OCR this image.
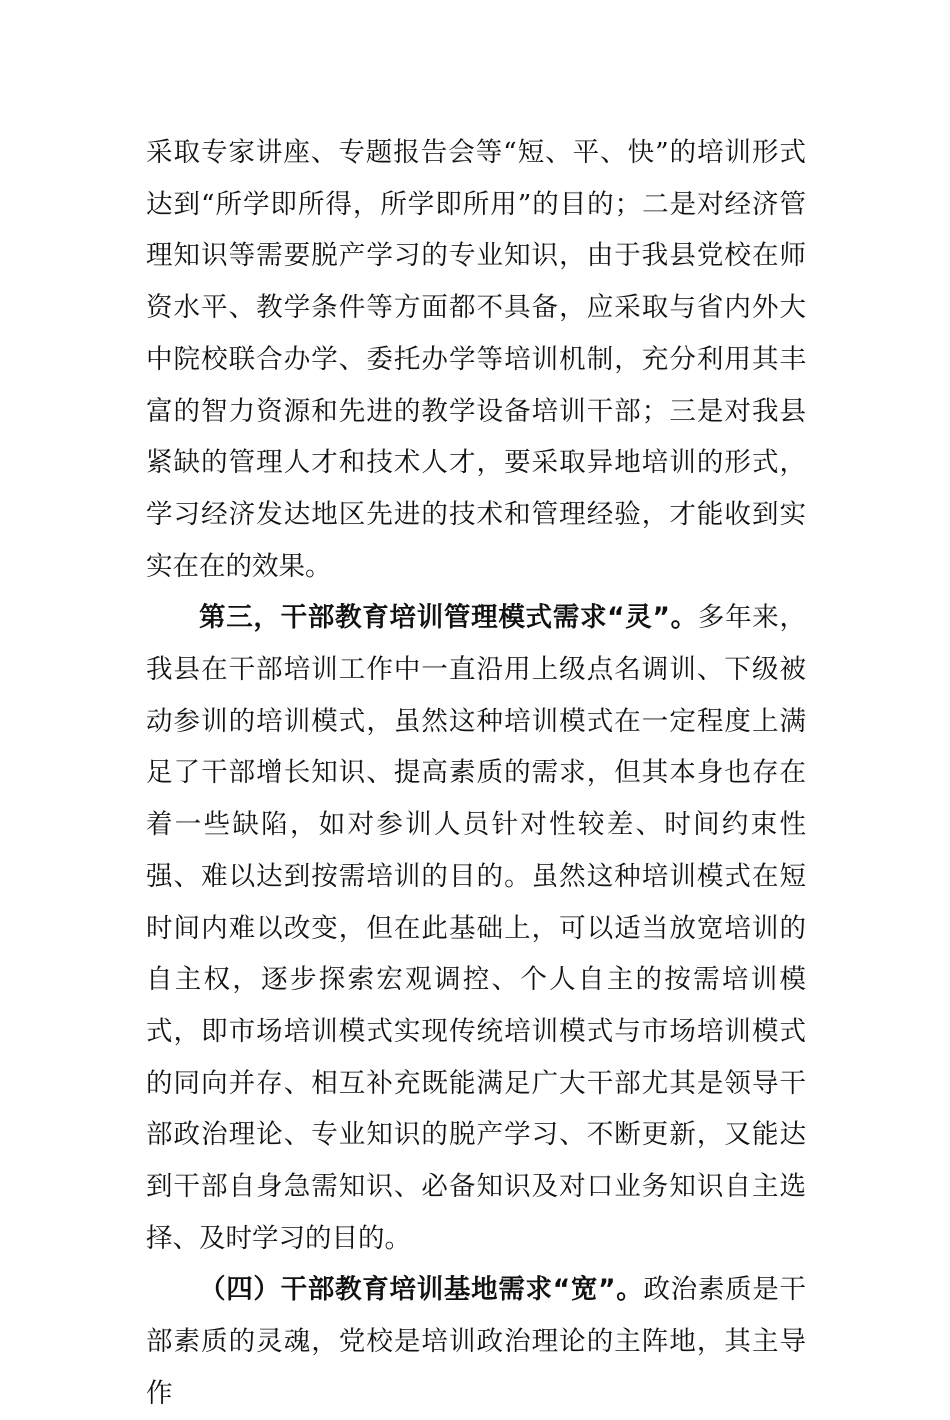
采取专家讲座、专题报告会等“短、平、快”的培训形式达到“所学即所得，所学即所用”的目的；二是对经济管理知识等需要脱产学习的专业知识，由于我县党校在师资水平、教学条件等方面都不具备，应采取与省内外大中院校联合办学、委托办学等培训机制，充分利用其丰富的智力资源和先进的教学设备培训干部；三是对我县紧缺的管理人才和技术人才，要采取异地培训的形式，学习经济发达地区先进的技术和管理经验，才能收到实实在在的效果。

第三，干部教育培训管理模式需求“灵”。多年来，我县在干部培训工作中一直沿用上级点名调训、下级被动参训的培训模式，虽然这种培训模式在一定程度上满足了干部增长知识、提高素质的需求，但其本身也存在着一些缺陷，如对参训人员针对性较差、时间约束性强、难以达到按需培训的目的。虽然这种培训模式在短时间内难以改变，但在此基础上，可以适当放宽培训的自主权，逐步探索宏观调控、个人自主的按需培训模式，即市场培训模式实现传统培训模式与市场培训模式的同向并存、相互补充既能满足广大干部尤其是领导干部政治理论、专业知识的脱产学习、不断更新，又能达到干部自身急需知识、必备知识及对口业务知识自主选择、及时学习的目的。

（四）干部教育培训基地需求“宽”。政治素质是干部素质的灵魂，党校是培训政治理论的主阵地，其主导作
